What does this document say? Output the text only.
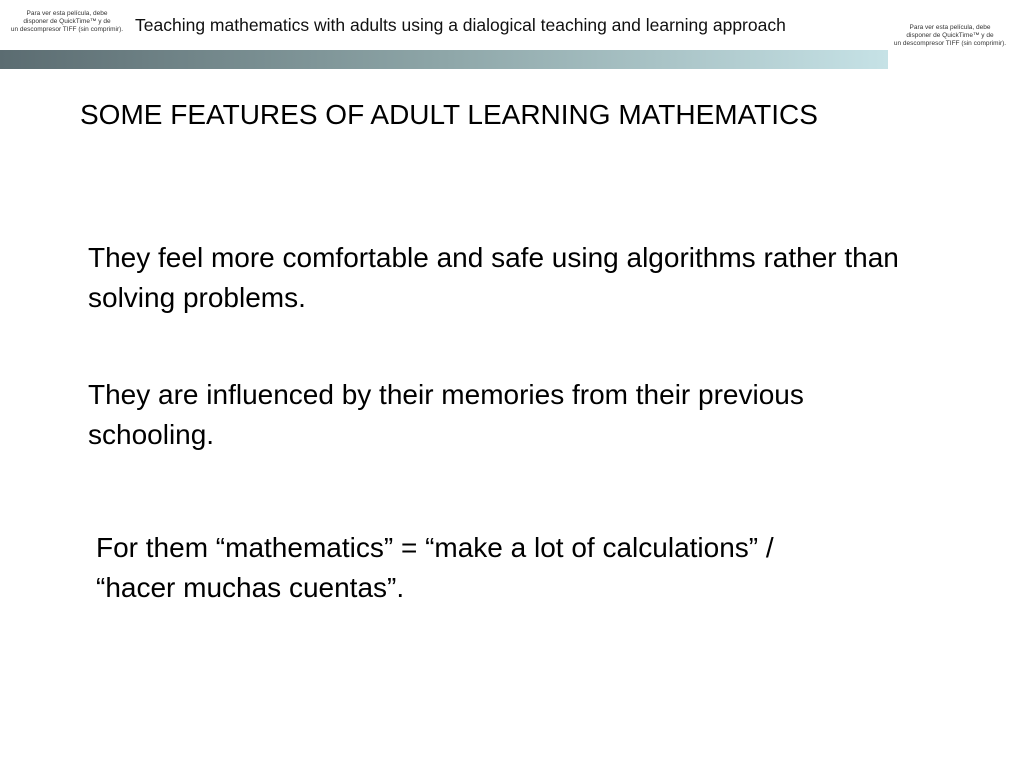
Para ver esta película, debe
disponer de QuickTime™ y de
un descompresor TIFF (sin comprimir). Teaching mathematics with adults using a dialogical teaching and learning approach	Para ver esta película, debe
disponer de QuickTime™ y de
un descompresor TIFF (sin comprimir).
SOME FEATURES OF ADULT LEARNING MATHEMATICS
They feel more comfortable and safe using algorithms rather than solving problems.
They are influenced by their memories from their previous schooling.
For them “mathematics” = “make a lot of calculations” / “hacer muchas cuentas”.
